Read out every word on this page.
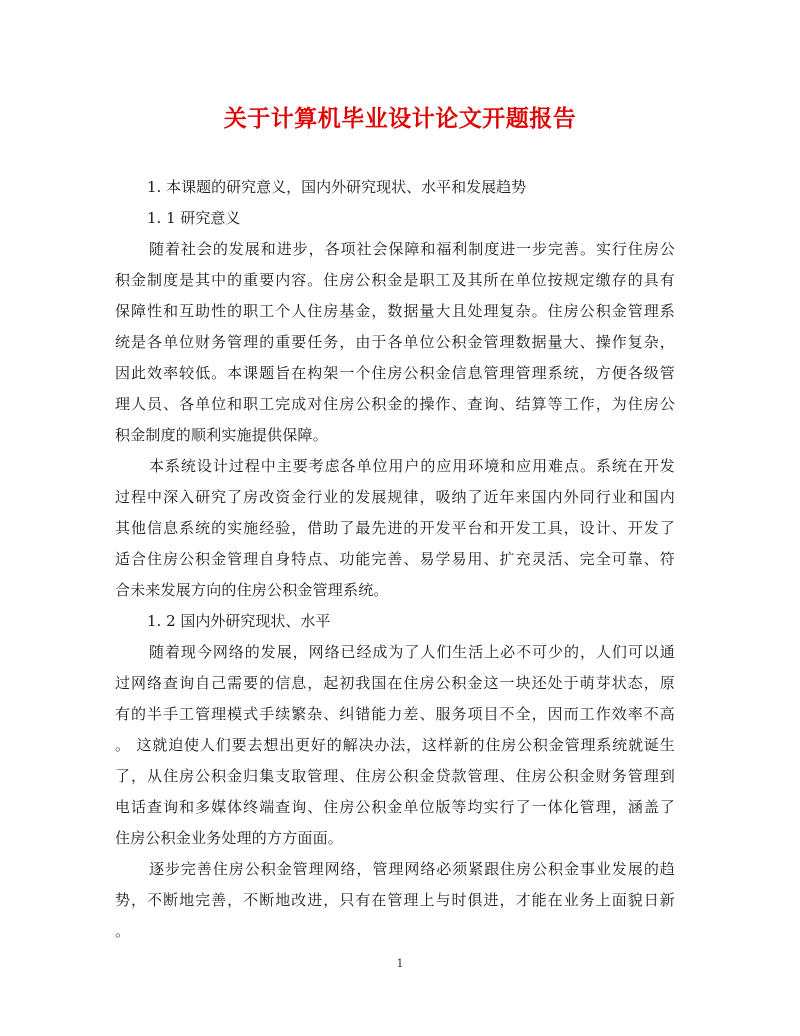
关于计算机毕业设计论文开题报告
1. 本课题的研究意义，国内外研究现状、水平和发展趋势
1. 1 研究意义
随着社会的发展和进步，各项社会保障和福利制度进一步完善。实行住房公
积金制度是其中的重要内容。住房公积金是职工及其所在单位按规定缴存的具有
保障性和互助性的职工个人住房基金，数据量大且处理复杂。住房公积金管理系
统是各单位财务管理的重要任务，由于各单位公积金管理数据量大、操作复杂，
因此效率较低。本课题旨在构架一个住房公积金信息管理管理系统，方便各级管
理人员、各单位和职工完成对住房公积金的操作、查询、结算等工作，为住房公
积金制度的顺利实施提供保障。
本系统设计过程中主要考虑各单位用户的应用环境和应用难点。系统在开发
过程中深入研究了房改资金行业的发展规律，吸纳了近年来国内外同行业和国内
其他信息系统的实施经验，借助了最先进的开发平台和开发工具，设计、开发了
适合住房公积金管理自身特点、功能完善、易学易用、扩充灵活、完全可靠、符
合未来发展方向的住房公积金管理系统。
1. 2 国内外研究现状、水平
随着现今网络的发展，网络已经成为了人们生活上必不可少的，人们可以通
过网络查询自己需要的信息，起初我国在住房公积金这一块还处于萌芽状态，原
有的半手工管理模式手续繁杂、纠错能力差、服务项目不全，因而工作效率不高
。 这就迫使人们要去想出更好的解决办法，这样新的住房公积金管理系统就诞生
了，从住房公积金归集支取管理、住房公积金贷款管理、住房公积金财务管理到
电话查询和多媒体终端查询、住房公积金单位版等均实行了一体化管理，涵盖了
住房公积金业务处理的方方面面。
逐步完善住房公积金管理网络，管理网络必须紧跟住房公积金事业发展的趋
势，不断地完善，不断地改进，只有在管理上与时俱进，才能在业务上面貌日新
。
1
